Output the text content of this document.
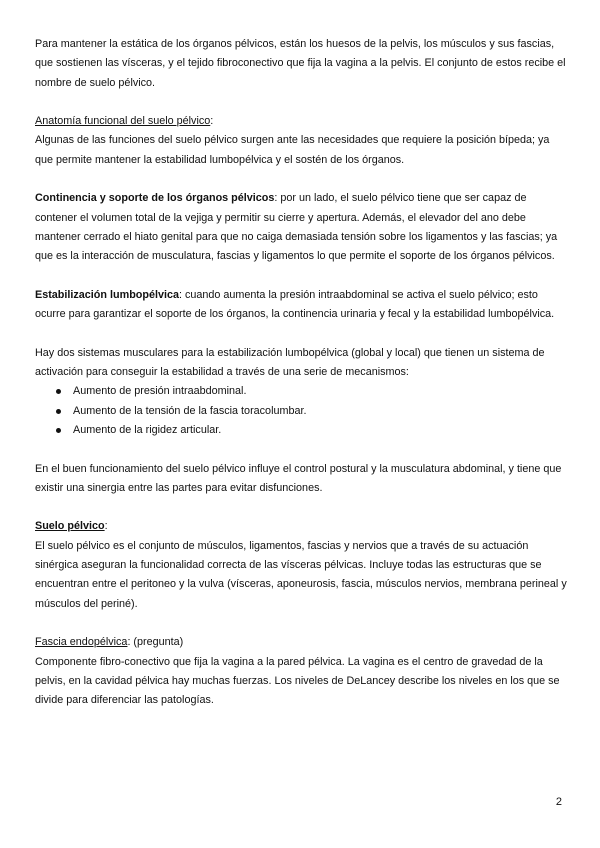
Para mantener la estática de los órganos pélvicos, están los huesos de la pelvis, los músculos y sus fascias, que sostienen las vísceras, y el tejido fibroconectivo que fija la vagina a la pelvis. El conjunto de estos recibe el nombre de suelo pélvico.

Anatomía funcional del suelo pélvico:

Algunas de las funciones del suelo pélvico surgen ante las necesidades que requiere la posición bípeda; ya que permite mantener la estabilidad lumbopélvica y el sostén de los órganos.

Continencia y soporte de los órganos pélvicos: por un lado, el suelo pélvico tiene que ser capaz de contener el volumen total de la vejiga y permitir su cierre y apertura. Además, el elevador del ano debe mantener cerrado el hiato genital para que no caiga demasiada tensión sobre los ligamentos y las fascias; ya que es la interacción de musculatura, fascias y ligamentos lo que permite el soporte de los órganos pélvicos.

Estabilización lumbopélvica: cuando aumenta la presión intraabdominal se activa el suelo pélvico; esto ocurre para garantizar el soporte de los órganos, la continencia urinaria y fecal y la estabilidad lumbopélvica.

Hay dos sistemas musculares para la estabilización lumbopélvica (global y local) que tienen un sistema de activación para conseguir la estabilidad a través de una serie de mecanismos:

Aumento de presión intraabdominal.
Aumento de la tensión de la fascia toracolumbar.
Aumento de la rigidez articular.

En el buen funcionamiento del suelo pélvico influye el control postural y la musculatura abdominal, y tiene que existir una sinergia entre las partes para evitar disfunciones.

Suelo pélvico:

El suelo pélvico es el conjunto de músculos, ligamentos, fascias y nervios que a través de su actuación sinérgica aseguran la funcionalidad correcta de las vísceras pélvicas. Incluye todas las estructuras que se encuentran entre el peritoneo y la vulva (vísceras, aponeurosis, fascia, músculos nervios, membrana perineal y músculos del periné).

Fascia endopélvica: (pregunta)

Componente fibro-conectivo que fija la vagina a la pared pélvica. La vagina es el centro de gravedad de la pelvis, en la cavidad pélvica hay muchas fuerzas. Los niveles de DeLancey describe los niveles en los que se divide para diferenciar las patologías.

2
